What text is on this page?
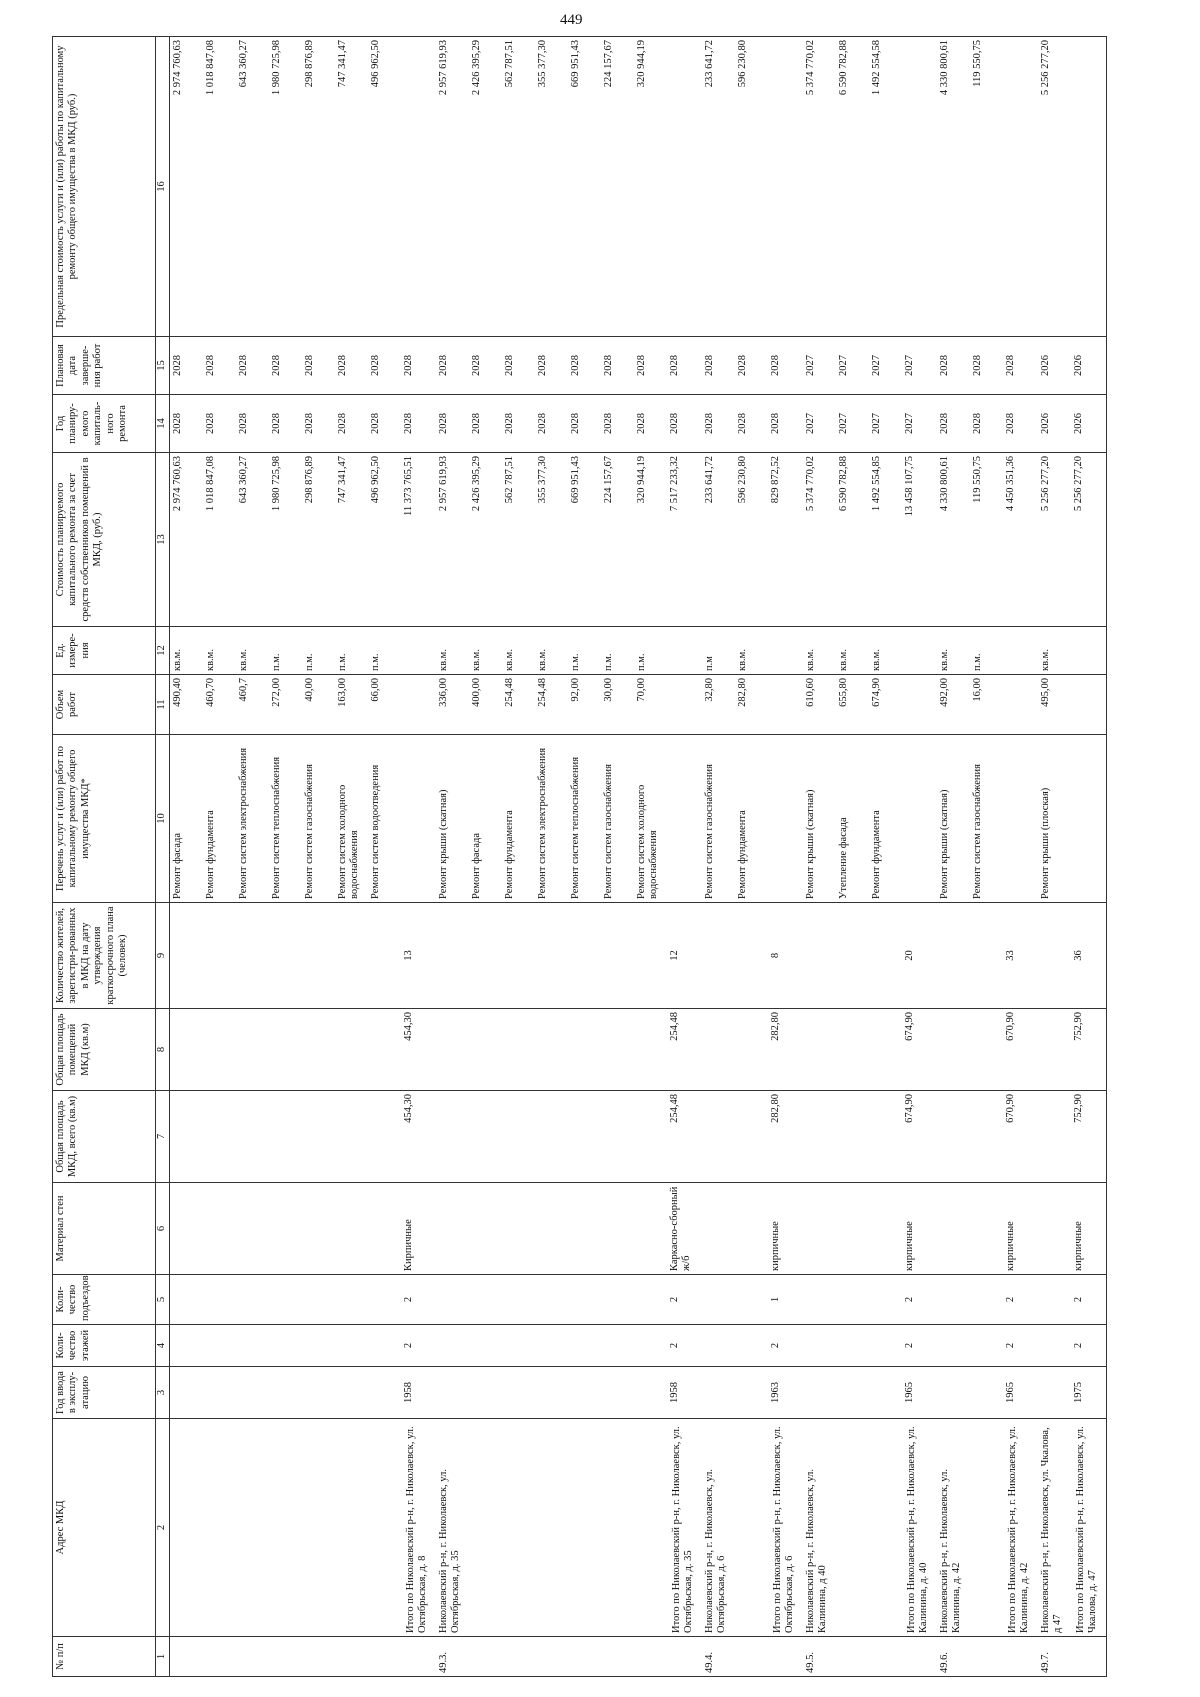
449
№ п/п	Адрес МКД	Год ввода в эксплу-атацию	Коли-чество этажей	Коли-чество подъездов	Материал стен	Общая площадь МКД, всего (кв.м)	Общая площадь помещений МКД (кв.м)	Количество жителей, зарегистри-рованных в МКД на дату утверждения краткосрочного плана (человек)	Перечень услуг и (или) работ по капитальному ремонту общего имущества МКД*	Объем работ	Ед. измере-ния	Стоимость планируемого капитального ремонта за счет средств собственников помещений в МКД, (руб.)	Год планиру-емого капиталь-ного ремонта	Плановая дата заверше-ния работ	Предельная стоимость услуги и (или) работы по капитальному ремонту общего имущества в МКД (руб.)
1	2	3	4	5	6	7	8	9	10	11	12	13	14	15	16
									Ремонт фасада	490,40	кв.м.	2 974 760,63	2028	2028	2 974 760,63
									Ремонт фундамента	460,70	кв.м.	1 018 847,08	2028	2028	1 018 847,08
									Ремонт систем электроснабжения	460,7	кв.м.	643 360,27	2028	2028	643 360,27
									Ремонт систем теплоснабжения	272,00	п.м.	1 980 725,98	2028	2028	1 980 725,98
									Ремонт систем газоснабжения	40,00	п.м.	298 876,89	2028	2028	298 876,89
									Ремонт систем холодного водоснабжения	163,00	п.м.	747 341,47	2028	2028	747 341,47
									Ремонт систем водоотведения	66,00	п.м.	496 962,50	2028	2028	496 962,50
	Итого по Николаевский р-н, г. Николаевск, ул. Октябрьская, д. 8	1958	2	2	Кирпичные	454,30	454,30	13				11 373 765,51	2028	2028	
49.3.	Николаевский р-н, г. Николаевск, ул. Октябрьская, д. 35								Ремонт крыши (скатная)	336,00	кв.м.	2 957 619,93	2028	2028	2 957 619,93
									Ремонт фасада	400,00	кв.м.	2 426 395,29	2028	2028	2 426 395,29
									Ремонт фундамента	254,48	кв.м.	562 787,51	2028	2028	562 787,51
									Ремонт систем электроснабжения	254,48	кв.м.	355 377,30	2028	2028	355 377,30
									Ремонт систем теплоснабжения	92,00	п.м.	669 951,43	2028	2028	669 951,43
									Ремонт систем газоснабжения	30,00	п.м.	224 157,67	2028	2028	224 157,67
									Ремонт систем холодного водоснабжения	70,00	п.м.	320 944,19	2028	2028	320 944,19
	Итого по Николаевский р-н, г. Николаевск, ул. Октябрьская, д. 35	1958	2	2	Каркасно-сборный ж/б	254,48	254,48	12				7 517 233,32	2028	2028	
49.4.	Николаевский р-н, г. Николаевск, ул. Октябрьская, д. 6								Ремонт систем газоснабжения	32,80	п.м	233 641,72	2028	2028	233 641,72
									Ремонт фундамента	282,80	кв.м.	596 230,80	2028	2028	596 230,80
	Итого по Николаевский р-н, г. Николаевск, ул. Октябрьская, д. 6	1963	2	1	кирпичные	282,80	282,80	8				829 872,52	2028	2028	
49.5.	Николаевский р-н, г. Николаевск, ул. Калинина, д 40								Ремонт крыши (скатная)	610,60	кв.м.	5 374 770,02	2027	2027	5 374 770,02
									Утепление фасада	655,80	кв.м.	6 590 782,88	2027	2027	6 590 782,88
									Ремонт фундамента	674,90	кв.м.	1 492 554,85	2027	2027	1 492 554,58
	Итого по Николаевский р-н, г. Николаевск, ул. Калинина, д. 40	1965	2	2	кирпичные	674,90	674,90	20				13 458 107,75	2027	2027	
49.6.	Николаевский р-н, г. Николаевск, ул. Калинина, д. 42								Ремонт крыши (скатная)	492,00	кв.м.	4 330 800,61	2028	2028	4 330 800,61
									Ремонт систем газоснабжения	16,00	п.м.	119 550,75	2028	2028	119 550,75
	Итого по Николаевский р-н, г. Николаевск, ул. Калинина, д. 42	1965	2	2	кирпичные	670,90	670,90	33				4 450 351,36	2028	2028	
49.7.	Николаевский р-н, г. Николаевск, ул. Чкалова, д 47								Ремонт крыши (плоская)	495,00	кв.м.	5 256 277,20	2026	2026	5 256 277,20
	Итого по Николаевский р-н, г. Николаевск, ул. Чкалова, д. 47	1975	2	2	кирпичные	752,90	752,90	36				5 256 277,20	2026	2026	
